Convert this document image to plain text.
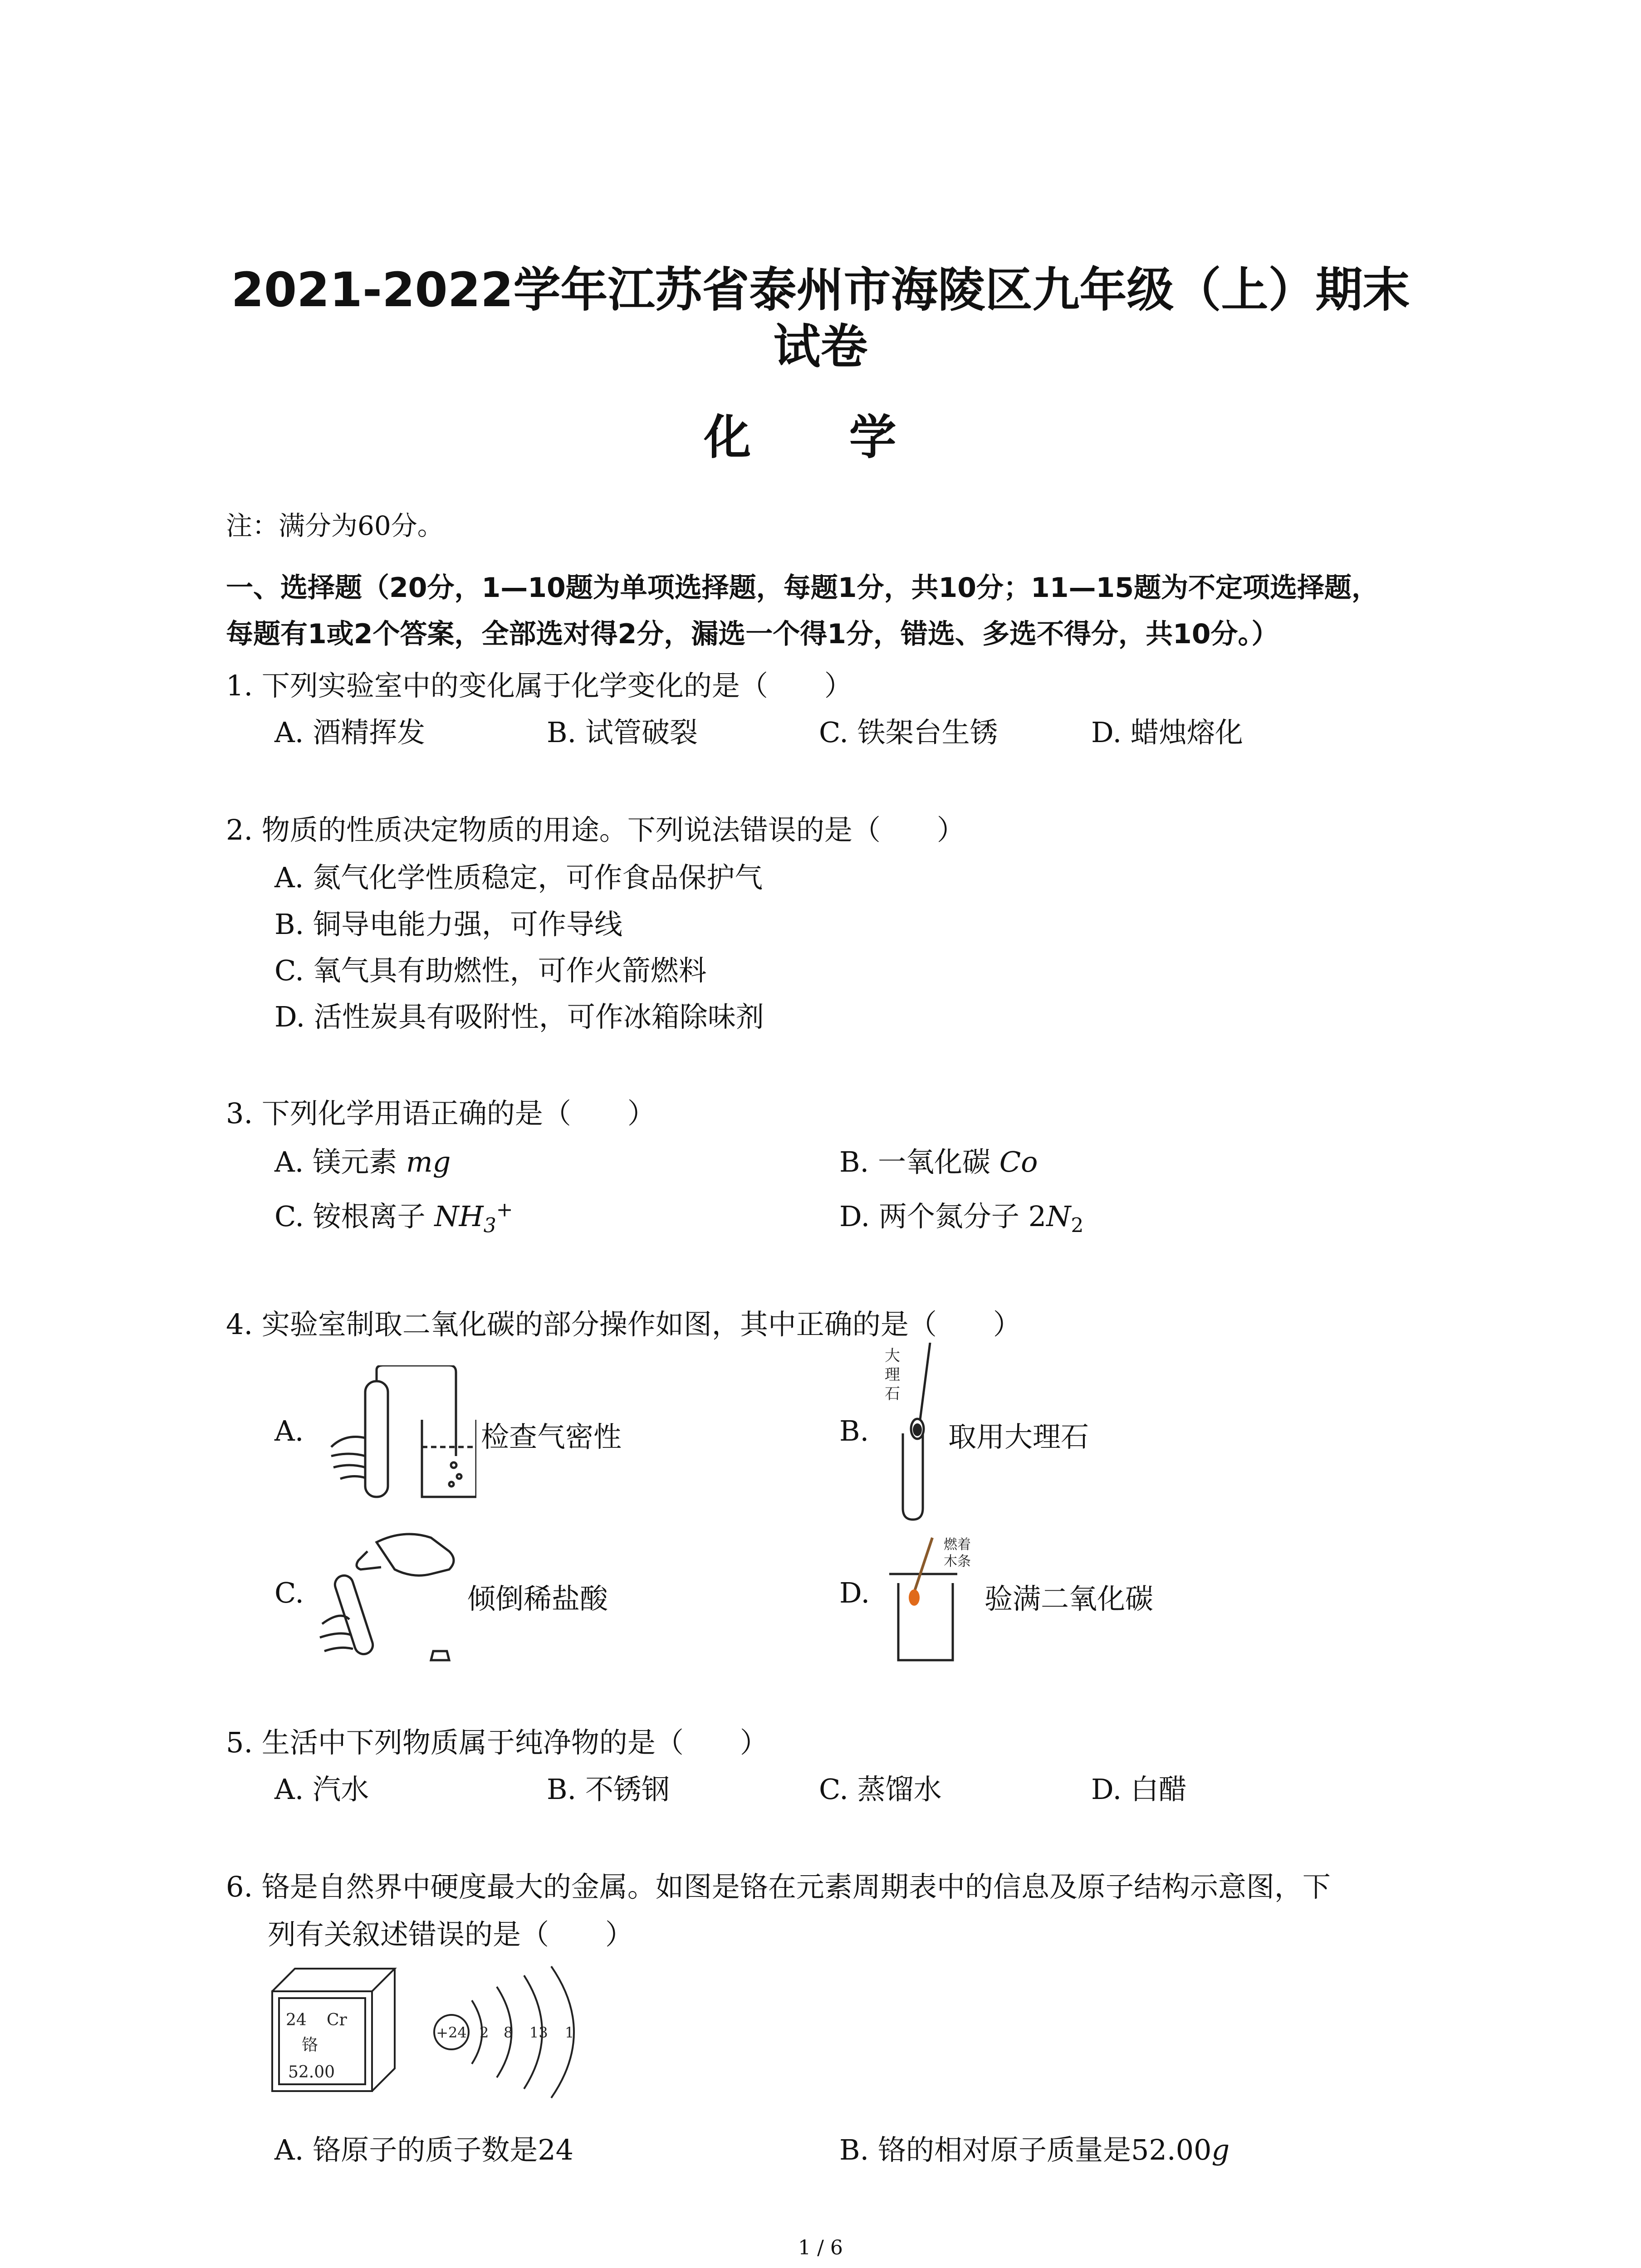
2021-2022学年江苏省泰州市海陵区九年级（上）期末
试卷
化 学
注：满分为60分。
一、选择题（20分，1—10题为单项选择题，每题1分，共10分；11—15题为不定项选择题，
每题有1或2个答案，全部选对得2分，漏选一个得1分，错选、多选不得分，共10分。）
1. 下列实验室中的变化属于化学变化的是（　　）
A. 酒精挥发	B. 试管破裂	C. 铁架台生锈	D. 蜡烛熔化
2. 物质的性质决定物质的用途。下列说法错误的是（　　）
A. 氮气化学性质稳定，可作食品保护气
B. 铜导电能力强，可作导线
C. 氧气具有助燃性，可作火箭燃料
D. 活性炭具有吸附性，可作冰箱除味剂
3. 下列化学用语正确的是（　　）
A. 镁元素 mg	B. 一氧化碳 Co
C. 铵根离子 $NH_3^+$	D. 两个氮分子 $2N_2$
4. 实验室制取二氧化碳的部分操作如图，其中正确的是（　　）
A.	检查气密性	B.
大
理
石
取用大理石
C.	倾倒稀盐酸	D.
燃着
木条
验满二氧化碳
5. 生活中下列物质属于纯净物的是（　　）
A. 汽水	B. 不锈钢	C. 蒸馏水	D. 白醋
6. 铬是自然界中硬度最大的金属。如图是铬在元素周期表中的信息及原子结构示意图，下
列有关叙述错误的是（　　）
24 Cr
铬
52.00
+24 2 8 13 1
A. 铬原子的质子数是24	B. 铬的相对原子质量是52.00g
1 / 6
